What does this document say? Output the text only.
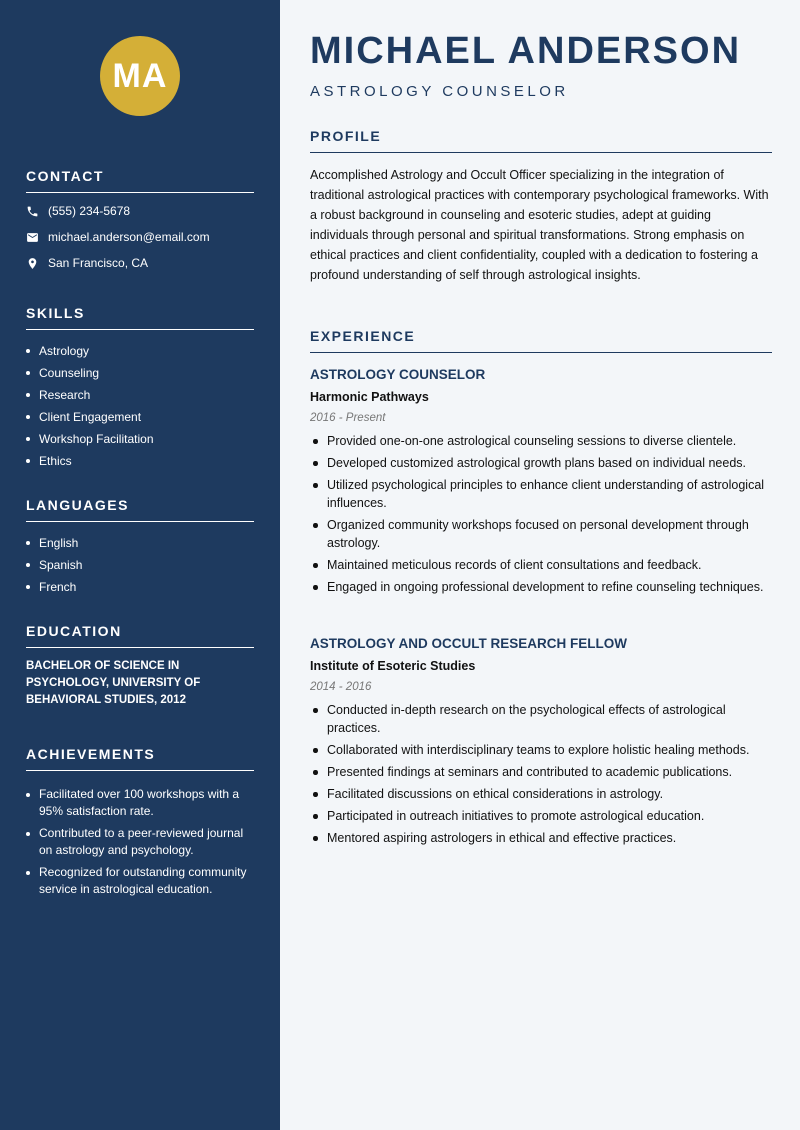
MA
CONTACT
(555) 234-5678
michael.anderson@email.com
San Francisco, CA
SKILLS
Astrology
Counseling
Research
Client Engagement
Workshop Facilitation
Ethics
LANGUAGES
English
Spanish
French
EDUCATION

BACHELOR OF SCIENCE IN PSYCHOLOGY, UNIVERSITY OF BEHAVIORAL STUDIES, 2012

ACHIEVEMENTS
Facilitated over 100 workshops with a 95% satisfaction rate.
Contributed to a peer-reviewed journal on astrology and psychology.
Recognized for outstanding community service in astrological education.
MICHAEL ANDERSON
ASTROLOGY COUNSELOR
PROFILE

Accomplished Astrology and Occult Officer specializing in the integration of traditional astrological practices with contemporary psychological frameworks. With a robust background in counseling and esoteric studies, adept at guiding individuals through personal and spiritual transformations. Strong emphasis on ethical practices and client confidentiality, coupled with a dedication to fostering a profound understanding of self through astrological insights.

EXPERIENCE
ASTROLOGY COUNSELOR
Harmonic Pathways
2016 - Present
Provided one-on-one astrological counseling sessions to diverse clientele.
Developed customized astrological growth plans based on individual needs.
Utilized psychological principles to enhance client understanding of astrological influences.
Organized community workshops focused on personal development through astrology.
Maintained meticulous records of client consultations and feedback.
Engaged in ongoing professional development to refine counseling techniques.
ASTROLOGY AND OCCULT RESEARCH FELLOW
Institute of Esoteric Studies
2014 - 2016
Conducted in-depth research on the psychological effects of astrological practices.
Collaborated with interdisciplinary teams to explore holistic healing methods.
Presented findings at seminars and contributed to academic publications.
Facilitated discussions on ethical considerations in astrology.
Participated in outreach initiatives to promote astrological education.
Mentored aspiring astrologers in ethical and effective practices.
